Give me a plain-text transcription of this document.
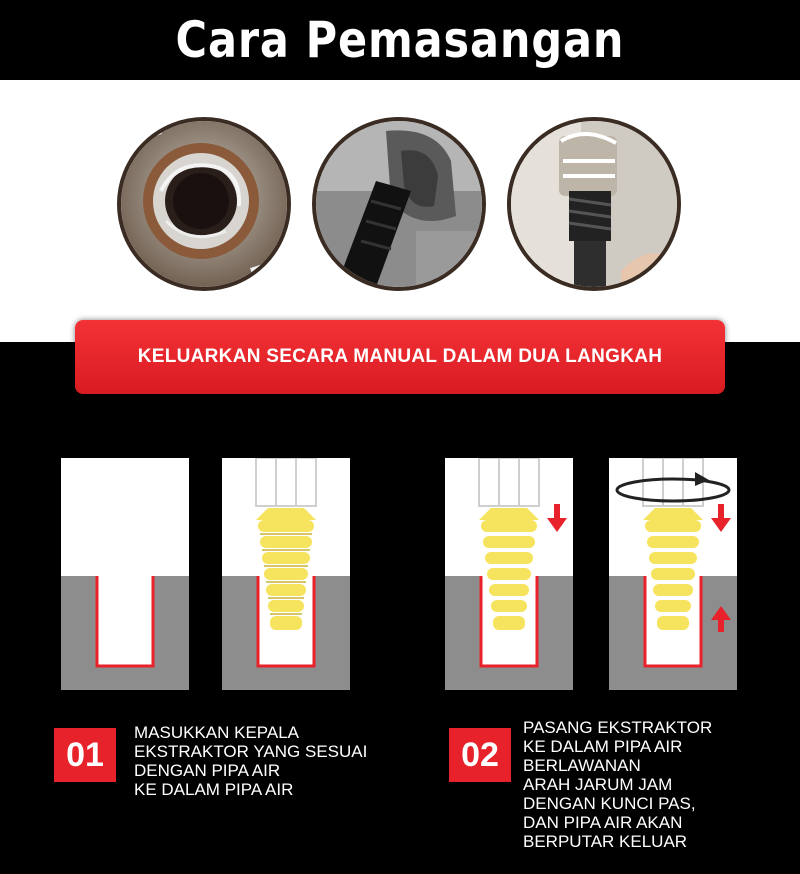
Cara Pemasangan
KELUARKAN SECARA MANUAL DALAM DUA LANGKAH
01
MASUKKAN KEPALA
EKSTRAKTOR YANG SESUAI
DENGAN PIPA AIR
KE DALAM PIPA AIR
02
PASANG EKSTRAKTOR
KE DALAM PIPA AIR
BERLAWANAN
ARAH JARUM JAM
DENGAN KUNCI PAS,
DAN PIPA AIR AKAN
BERPUTAR KELUAR
